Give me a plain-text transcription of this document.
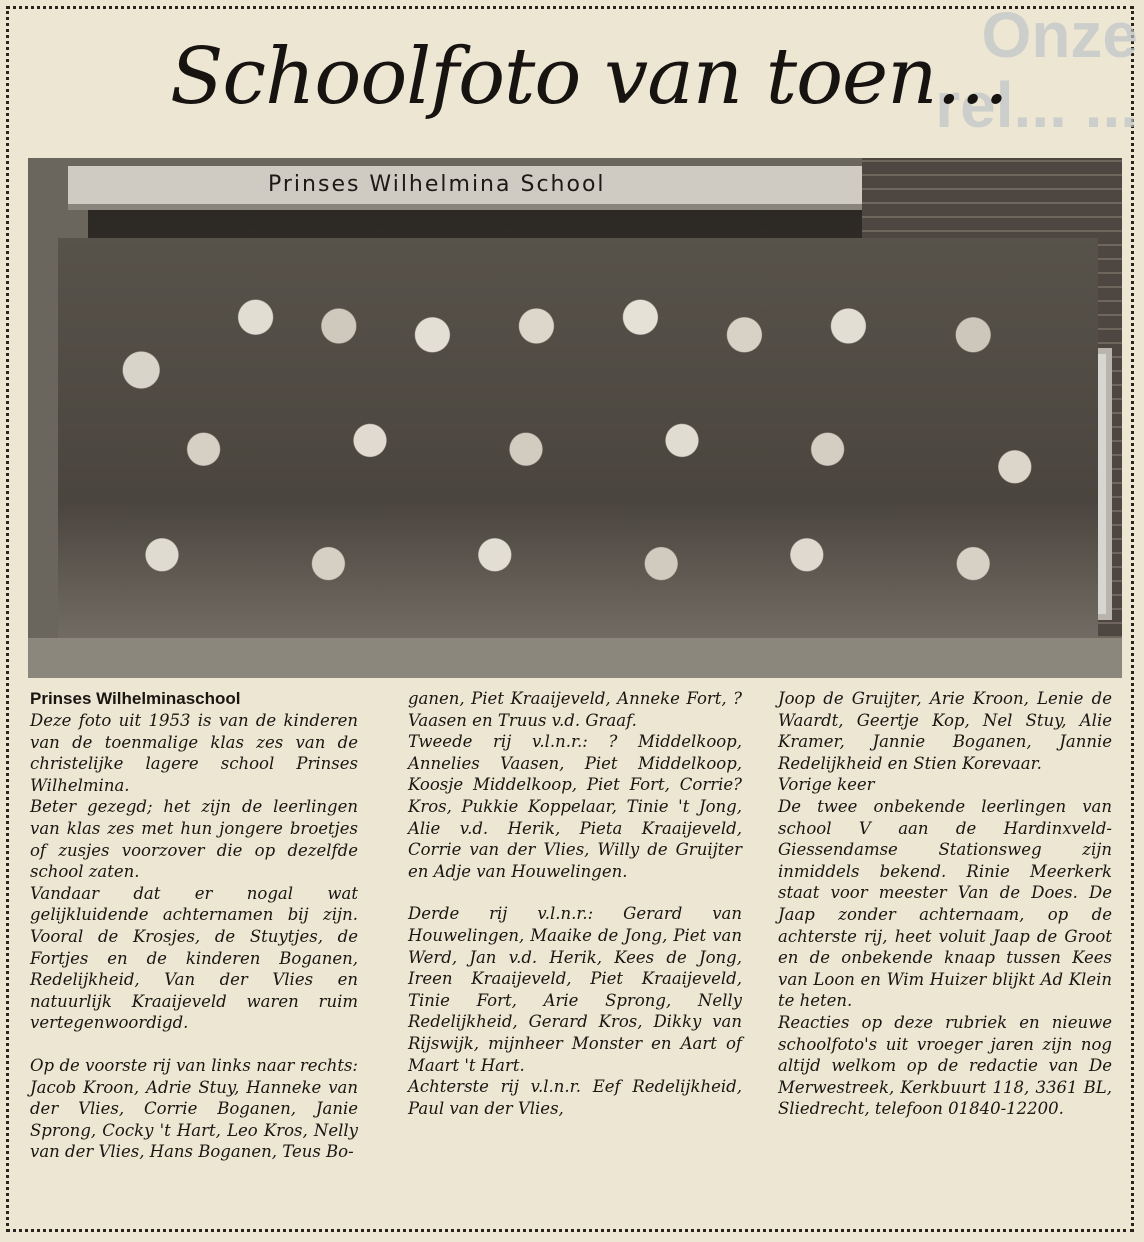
Onze rel... ...
Schoolfoto van toen...
Prinses Wilhelmina School

Prinses Wilhelminaschool

Deze foto uit 1953 is van de kinderen van de toenmalige klas zes van de christelijke lagere school Prinses Wilhelmina.

Beter gezegd; het zijn de leerlingen van klas zes met hun jongere broetjes of zusjes voorzover die op dezelfde school zaten.

Vandaar dat er nogal wat gelijkluidende achternamen bij zijn. Vooral de Krosjes, de Stuytjes, de Fortjes en de kinderen Boganen, Redelijkheid, Van der Vlies en natuurlijk Kraaijeveld waren ruim vertegenwoordigd.

Op de voorste rij van links naar rechts: Jacob Kroon, Adrie Stuy, Hanneke van der Vlies, Corrie Boganen, Janie Sprong, Cocky 't Hart, Leo Kros, Nelly van der Vlies, Hans Boganen, Teus Bo-

ganen, Piet Kraaijeveld, Anneke Fort, ? Vaasen en Truus v.d. Graaf.

Tweede rij v.l.n.r.: ? Middelkoop, Annelies Vaasen, Piet Middelkoop, Koosje Middelkoop, Piet Fort, Corrie? Kros, Pukkie Koppelaar, Tinie 't Jong, Alie v.d. Herik, Pieta Kraaijeveld, Corrie van der Vlies, Willy de Gruijter en Adje van Houwelingen.

Derde rij v.l.n.r.: Gerard van Houwelingen, Maaike de Jong, Piet van Werd, Jan v.d. Herik, Kees de Jong, Ireen Kraaijeveld, Piet Kraaijeveld, Tinie Fort, Arie Sprong, Nelly Redelijkheid, Gerard Kros, Dikky van Rijswijk, mijnheer Monster en Aart of Maart 't Hart.

Achterste rij v.l.n.r. Eef Redelijkheid, Paul van der Vlies,

Joop de Gruijter, Arie Kroon, Lenie de Waardt, Geertje Kop, Nel Stuy, Alie Kramer, Jannie Boganen, Jannie Redelijkheid en Stien Korevaar.

Vorige keer

De twee onbekende leerlingen van school V aan de Hardinxveld-Giessendamse Stationsweg zijn inmiddels bekend. Rinie Meerkerk staat voor meester Van de Does. De Jaap zonder achternaam, op de achterste rij, heet voluit Jaap de Groot en de onbekende knaap tussen Kees van Loon en Wim Huizer blijkt Ad Klein te heten.

Reacties op deze rubriek en nieuwe schoolfoto's uit vroeger jaren zijn nog altijd welkom op de redactie van De Merwestreek, Kerkbuurt 118, 3361 BL, Sliedrecht, telefoon 01840-12200.
